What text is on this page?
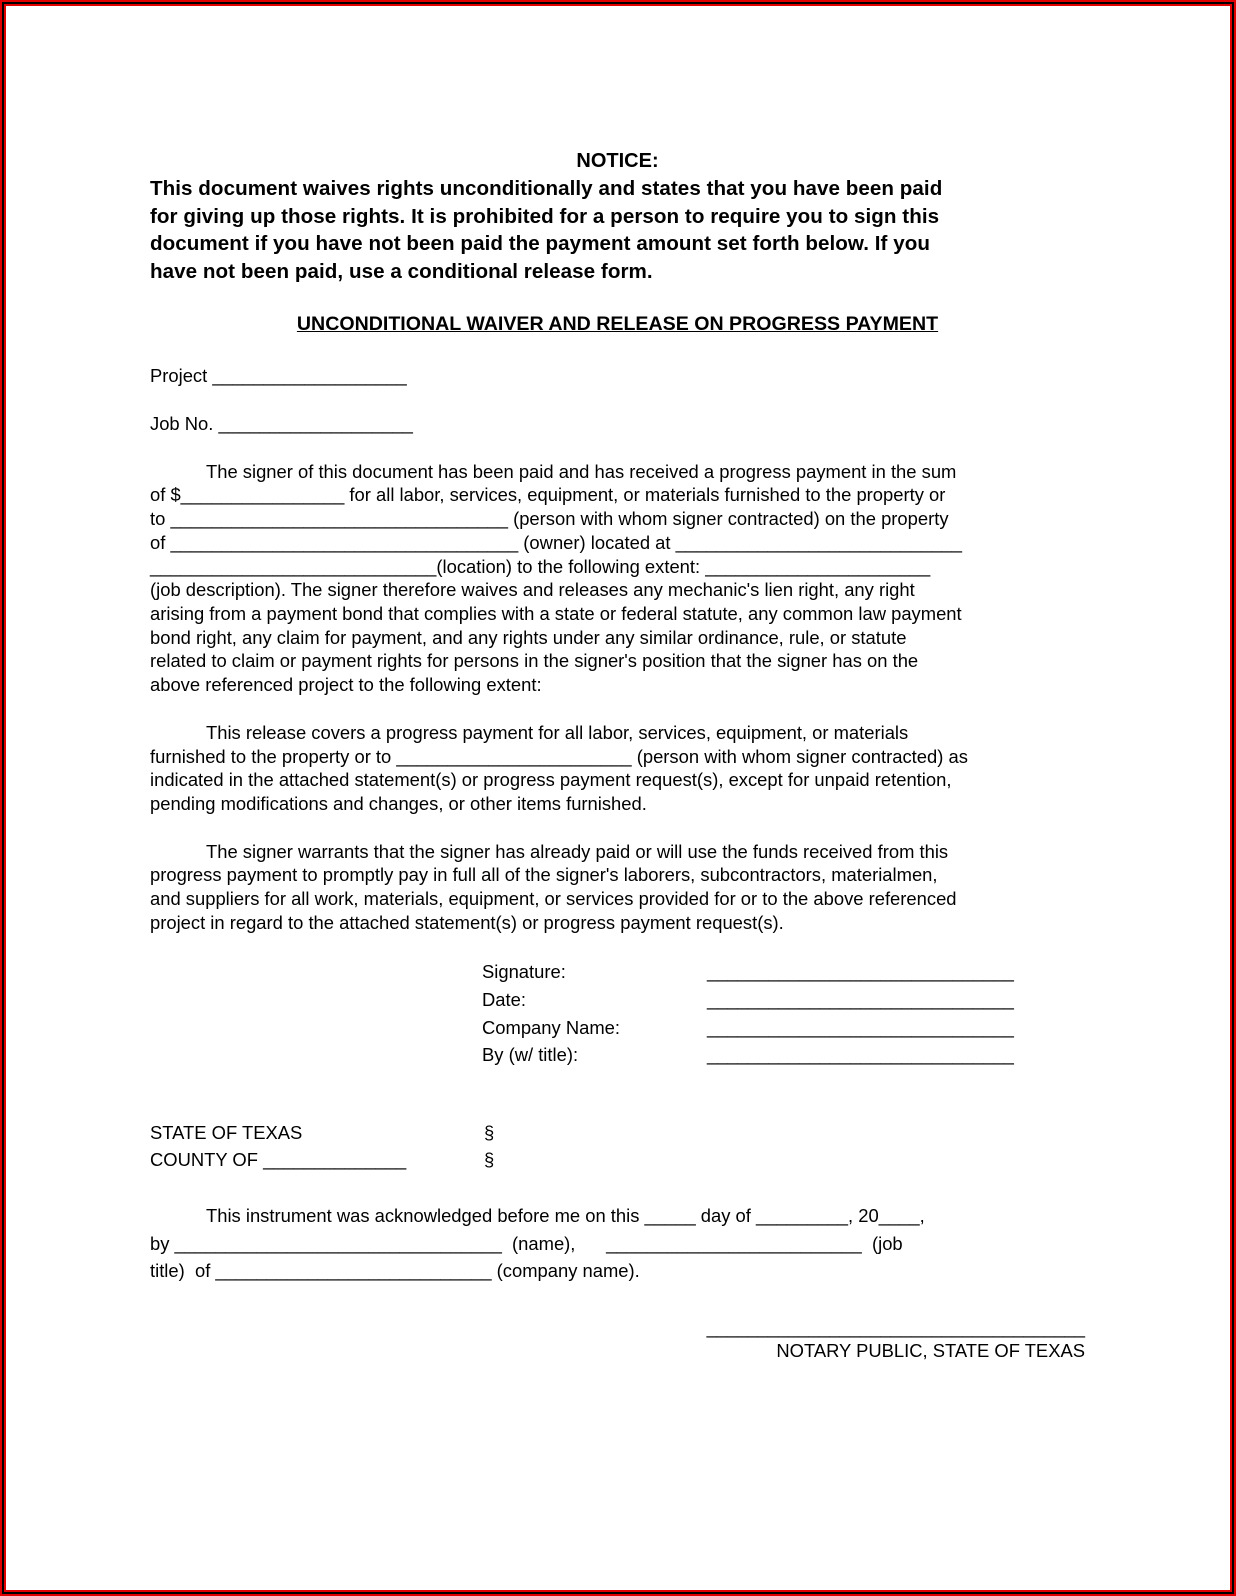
NOTICE:

This document waives rights unconditionally and states that you have been paid
for giving up those rights. It is prohibited for a person to require you to sign this
document if you have not been paid the payment amount set forth below. If you
have not been paid, use a conditional release form.

UNCONDITIONAL WAIVER AND RELEASE ON PROGRESS PAYMENT

Project ___________________
Job No. ___________________
The signer of this document has been paid and has received a progress payment in the sum
of $________________ for all labor, services, equipment, or materials furnished to the property or
to _________________________________ (person with whom signer contracted) on the property
of __________________________________ (owner) located at ____________________________
____________________________(location) to the following extent: ______________________
(job description). The signer therefore waives and releases any mechanic's lien right, any right
arising from a payment bond that complies with a state or federal statute, any common law payment
bond right, any claim for payment, and any rights under any similar ordinance, rule, or statute
related to claim or payment rights for persons in the signer's position that the signer has on the
above referenced project to the following extent:
This release covers a progress payment for all labor, services, equipment, or materials
furnished to the property or to _______________________ (person with whom signer contracted) as
indicated in the attached statement(s) or progress payment request(s), except for unpaid retention,
pending modifications and changes, or other items furnished.
The signer warrants that the signer has already paid or will use the funds received from this
progress payment to promptly pay in full all of the signer's laborers, subcontractors, materialmen,
and suppliers for all work, materials, equipment, or services provided for or to the above referenced
project in regard to the attached statement(s) or progress payment request(s).
Signature:	______________________________
Date:	______________________________
Company Name:	______________________________
By (w/ title):	______________________________
STATE OF TEXAS	§
COUNTY OF ______________	§
This instrument was acknowledged before me on this _____ day of _________, 20____,
by ________________________________  (name),      _________________________  (job
title)  of ___________________________ (company name).
_____________________________________
NOTARY PUBLIC, STATE OF TEXAS
